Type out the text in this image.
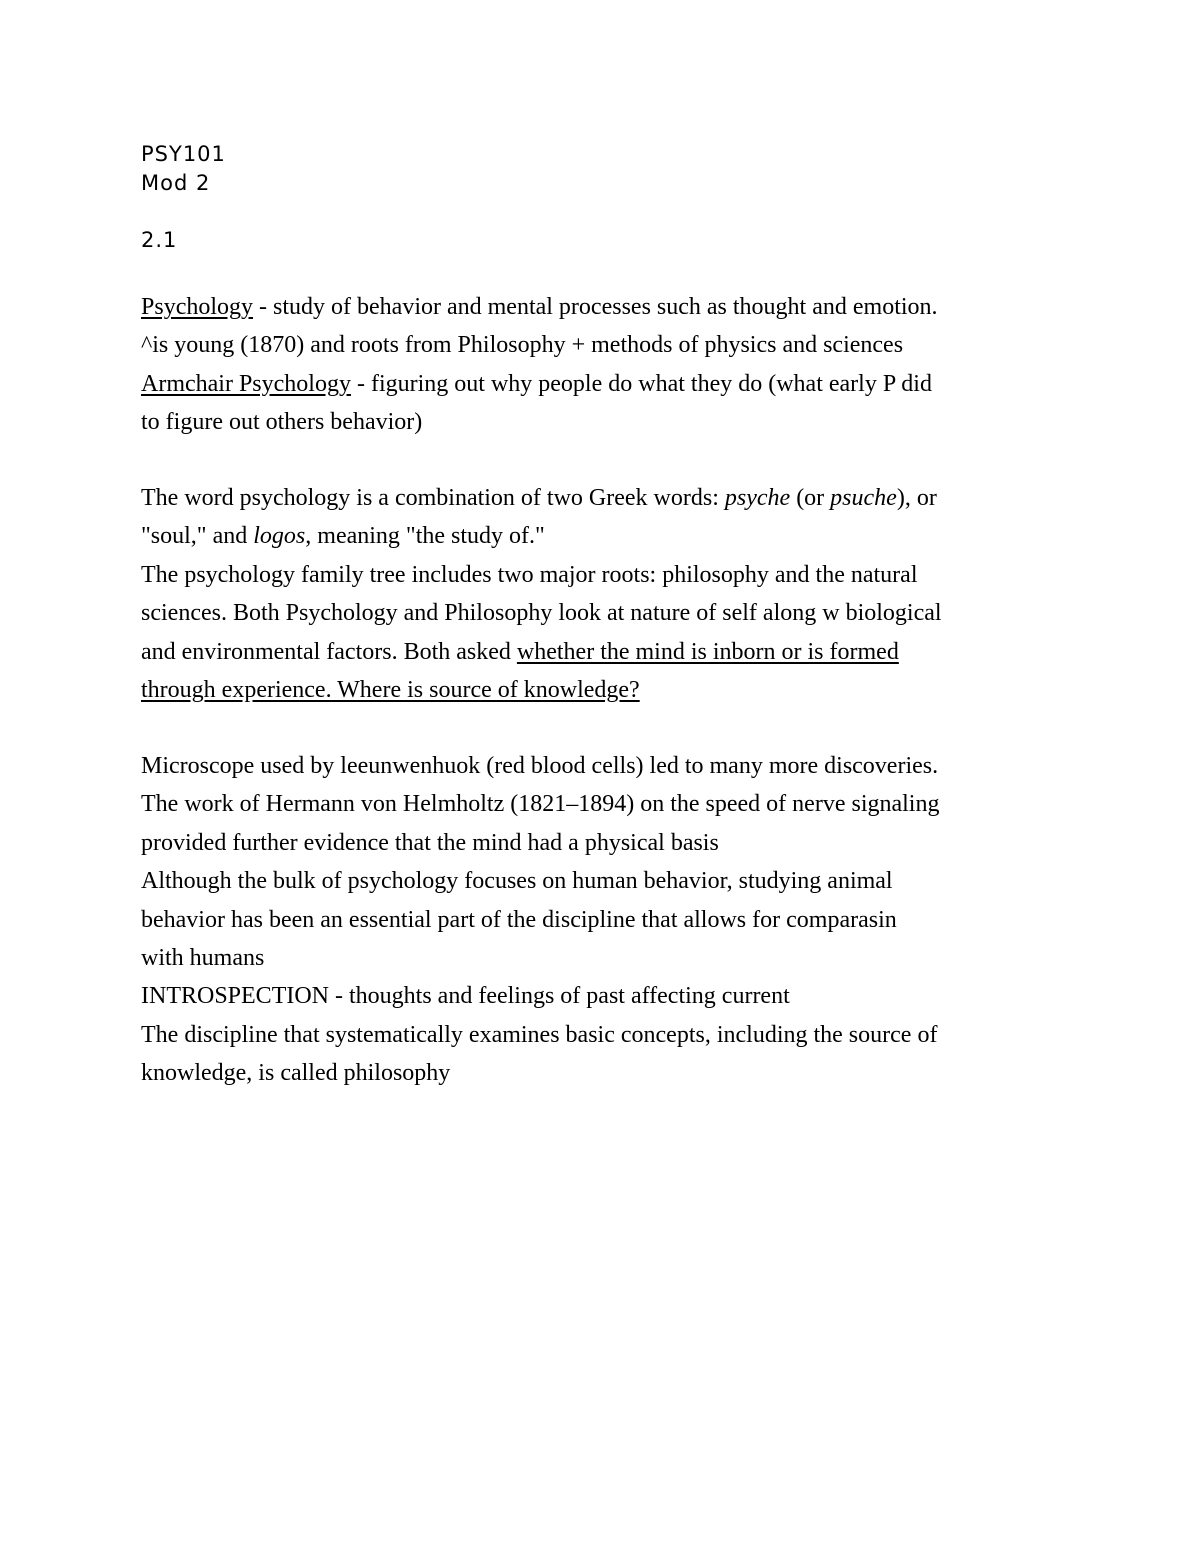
PSY101
Mod 2
2.1

Psychology - study of behavior and mental processes such as thought and emotion.

^is young (1870) and roots from Philosophy + methods of physics and sciences

Armchair Psychology - figuring out why people do what they do (what early P did

to figure out others behavior)

The word psychology is a combination of two Greek words: psyche (or psuche), or

"soul," and logos, meaning "the study of."

The psychology family tree includes two major roots: philosophy and the natural

sciences. Both Psychology and Philosophy look at nature of self along w biological

and environmental factors. Both asked whether the mind is inborn or is formed

through experience. Where is source of knowledge?

Microscope used by leeunwenhuok (red blood cells) led to many more discoveries.

The work of Hermann von Helmholtz (1821–1894) on the speed of nerve signaling

provided further evidence that the mind had a physical basis

Although the bulk of psychology focuses on human behavior, studying animal

behavior has been an essential part of the discipline that allows for comparasin

with humans

INTROSPECTION - thoughts and feelings of past affecting current

The discipline that systematically examines basic concepts, including the source of

knowledge, is called philosophy
